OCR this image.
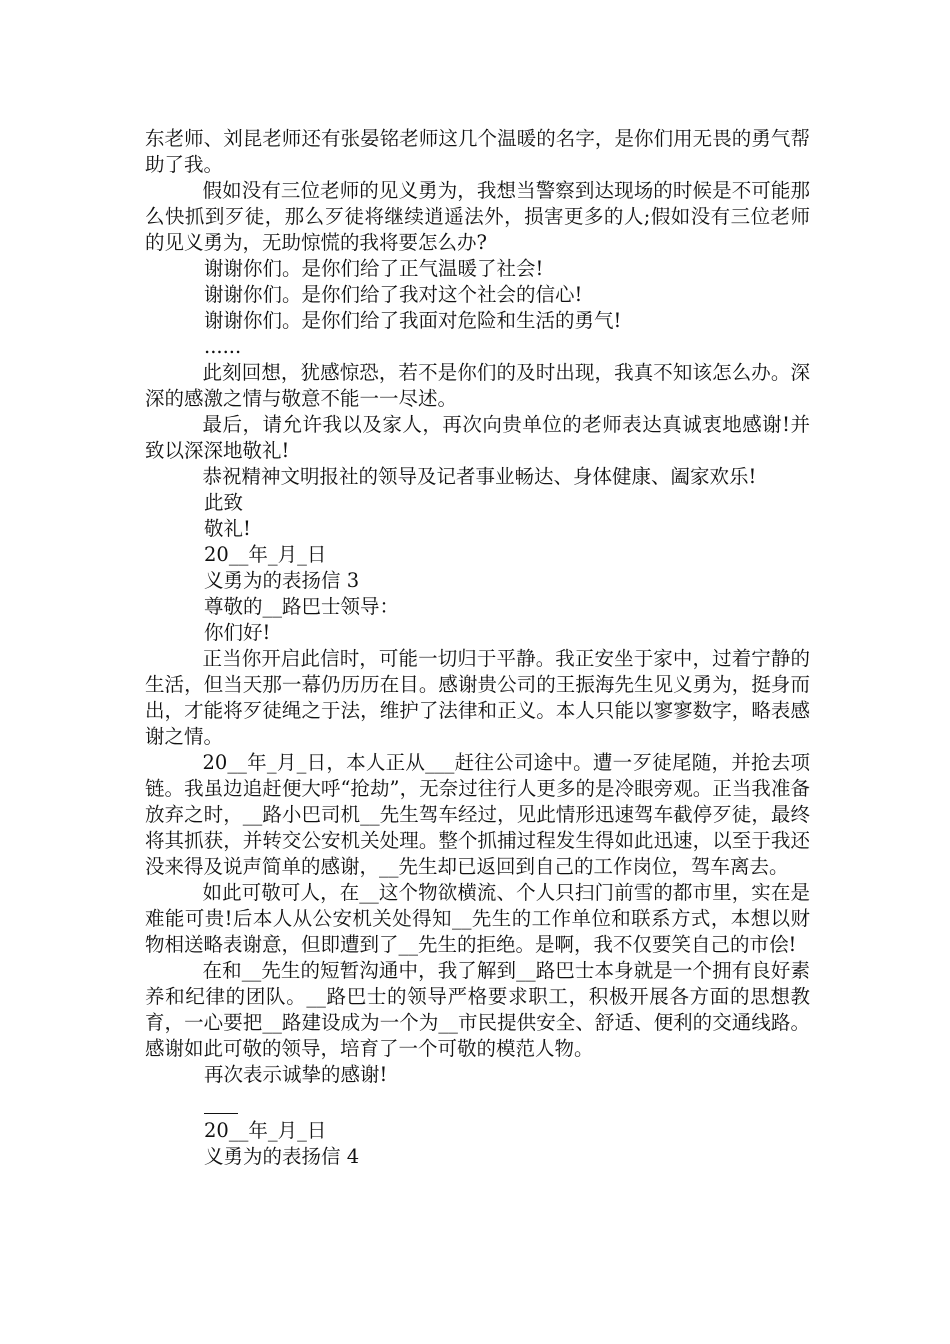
东老师、刘昆老师还有张晏铭老师这几个温暖的名字，是你们用无畏的勇气帮助了我。

假如没有三位老师的见义勇为，我想当警察到达现场的时候是不可能那么快抓到歹徒，那么歹徒将继续逍遥法外，损害更多的人;假如没有三位老师的见义勇为，无助惊慌的我将要怎么办?

谢谢你们。是你们给了正气温暖了社会!

谢谢你们。是你们给了我对这个社会的信心!

谢谢你们。是你们给了我面对危险和生活的勇气!

......

此刻回想，犹感惊恐，若不是你们的及时出现，我真不知该怎么办。深深的感激之情与敬意不能一一尽述。

最后，请允许我以及家人，再次向贵单位的老师表达真诚衷地感谢!并致以深深地敬礼!

恭祝精神文明报社的领导及记者事业畅达、身体健康、阖家欢乐!

此致

敬礼!

20__年_月_日

义勇为的表扬信 3

尊敬的__路巴士领导：

你们好!

正当你开启此信时，可能一切归于平静。我正安坐于家中，过着宁静的生活，但当天那一幕仍历历在目。感谢贵公司的王振海先生见义勇为，挺身而出，才能将歹徒绳之于法，维护了法律和正义。本人只能以寥寥数字，略表感谢之情。

20__年_月_日，本人正从___赶往公司途中。遭一歹徒尾随，并抢去项链。我虽边追赶便大呼“抢劫”，无奈过往行人更多的是冷眼旁观。正当我准备放弃之时，__路小巴司机__先生驾车经过，见此情形迅速驾车截停歹徒，最终将其抓获，并转交公安机关处理。整个抓捕过程发生得如此迅速，以至于我还没来得及说声简单的感谢，__先生却已返回到自己的工作岗位，驾车离去。

如此可敬可人，在__这个物欲横流、个人只扫门前雪的都市里，实在是难能可贵!后本人从公安机关处得知__先生的工作单位和联系方式，本想以财物相送略表谢意，但即遭到了__先生的拒绝。是啊，我不仅要笑自己的市侩!

在和__先生的短暂沟通中，我了解到__路巴士本身就是一个拥有良好素养和纪律的团队。__路巴士的领导严格要求职工，积极开展各方面的思想教育，一心要把__路建设成为一个为__市民提供安全、舒适、便利的交通线路。感谢如此可敬的领导，培育了一个可敬的模范人物。

再次表示诚挚的感谢!

20__年_月_日

义勇为的表扬信 4
